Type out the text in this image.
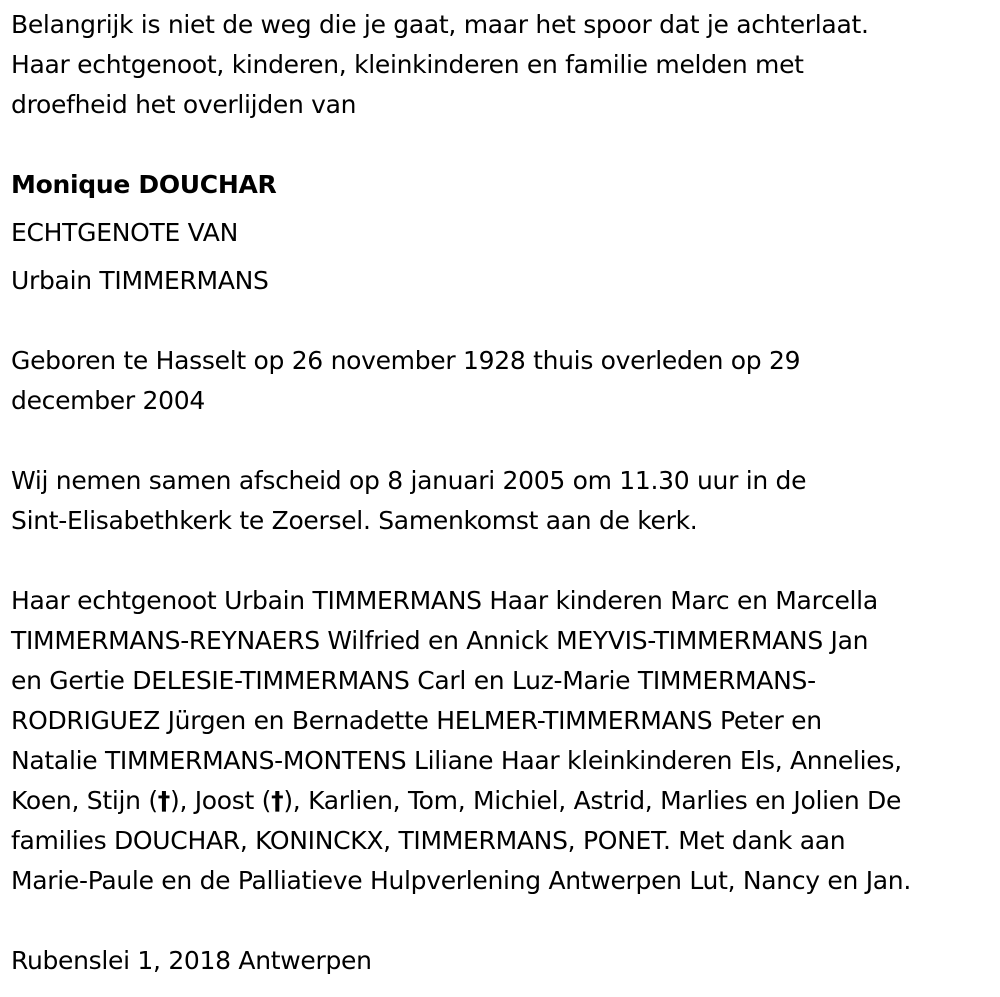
Belangrijk is niet de weg die je gaat, maar het spoor dat je achterlaat.
Haar echtgenoot, kinderen, kleinkinderen en familie melden met
droefheid het overlijden van
Monique DOUCHAR
ECHTGENOTE VAN
Urbain TIMMERMANS
Geboren te Hasselt op 26 november 1928 thuis overleden op 29
december 2004
Wij nemen samen afscheid op 8 januari 2005 om 11.30 uur in de
Sint-Elisabethkerk te Zoersel. Samenkomst aan de kerk.
Haar echtgenoot Urbain TIMMERMANS Haar kinderen Marc en Marcella
TIMMERMANS-REYNAERS Wilfried en Annick MEYVIS-TIMMERMANS Jan
en Gertie DELESIE-TIMMERMANS Carl en Luz-Marie TIMMERMANS-
RODRIGUEZ Jürgen en Bernadette HELMER-TIMMERMANS Peter en
Natalie TIMMERMANS-MONTENS Liliane Haar kleinkinderen Els, Annelies,
Koen, Stijn (†), Joost (†), Karlien, Tom, Michiel, Astrid, Marlies en Jolien De
families DOUCHAR, KONINCKX, TIMMERMANS, PONET. Met dank aan
Marie-Paule en de Palliatieve Hulpverlening Antwerpen Lut, Nancy en Jan.
Rubenslei 1, 2018 Antwerpen
